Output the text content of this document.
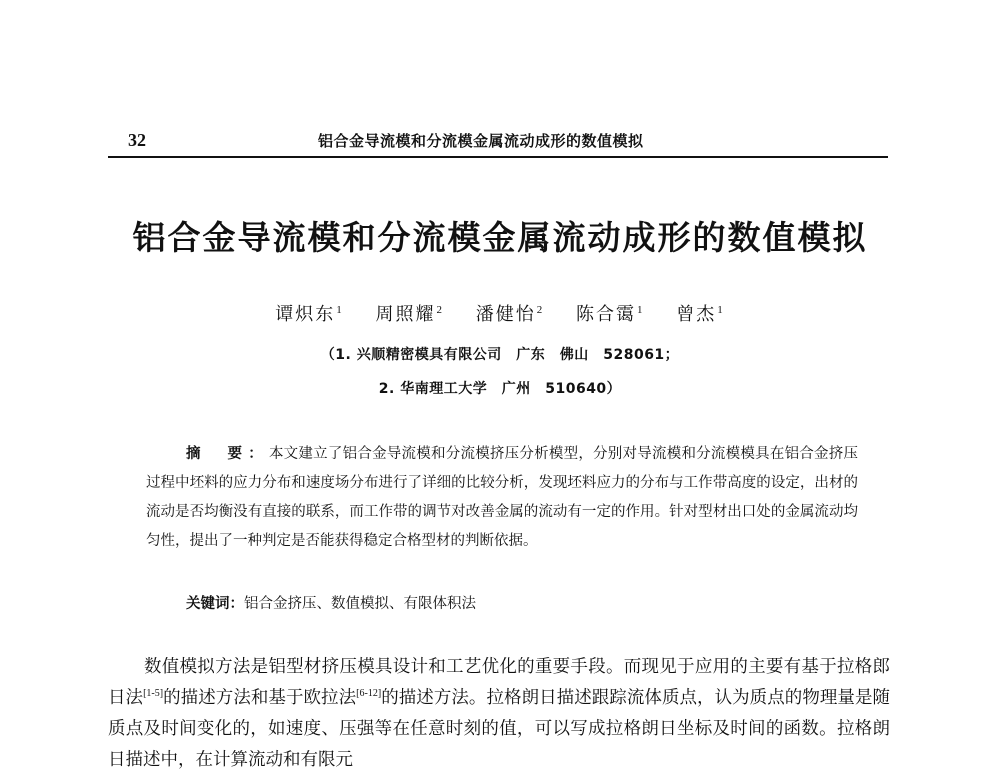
32	铝合金导流模和分流模金属流动成形的数值模拟
铝合金导流模和分流模金属流动成形的数值模拟
谭炽东$^1$ 周照耀$^2$ 潘健怡$^2$ 陈合霭$^1$ 曾杰$^1$
（1. 兴顺精密模具有限公司　广东　佛山　528061；
2. 华南理工大学　广州　510640）
摘　要：本文建立了铝合金导流模和分流模挤压分析模型，分别对导流模和分流模模具在铝合金挤压过程中坯料的应力分布和速度场分布进行了详细的比较分析，发现坯料应力的分布与工作带高度的设定，出材的流动是否均衡没有直接的联系，而工作带的调节对改善金属的流动有一定的作用。针对型材出口处的金属流动均匀性，提出了一种判定是否能获得稳定合格型材的判断依据。
关键词：铝合金挤压、数值模拟、有限体积法
数值模拟方法是铝型材挤压模具设计和工艺优化的重要手段。而现见于应用的主要有基于拉格郎日法[1-5]的描述方法和基于欧拉法[6-12]的描述方法。拉格朗日描述跟踪流体质点，认为质点的物理量是随质点及时间变化的，如速度、压强等在任意时刻的值，可以写成拉格朗日坐标及时间的函数。拉格朗日描述中，在计算流动和有限元
